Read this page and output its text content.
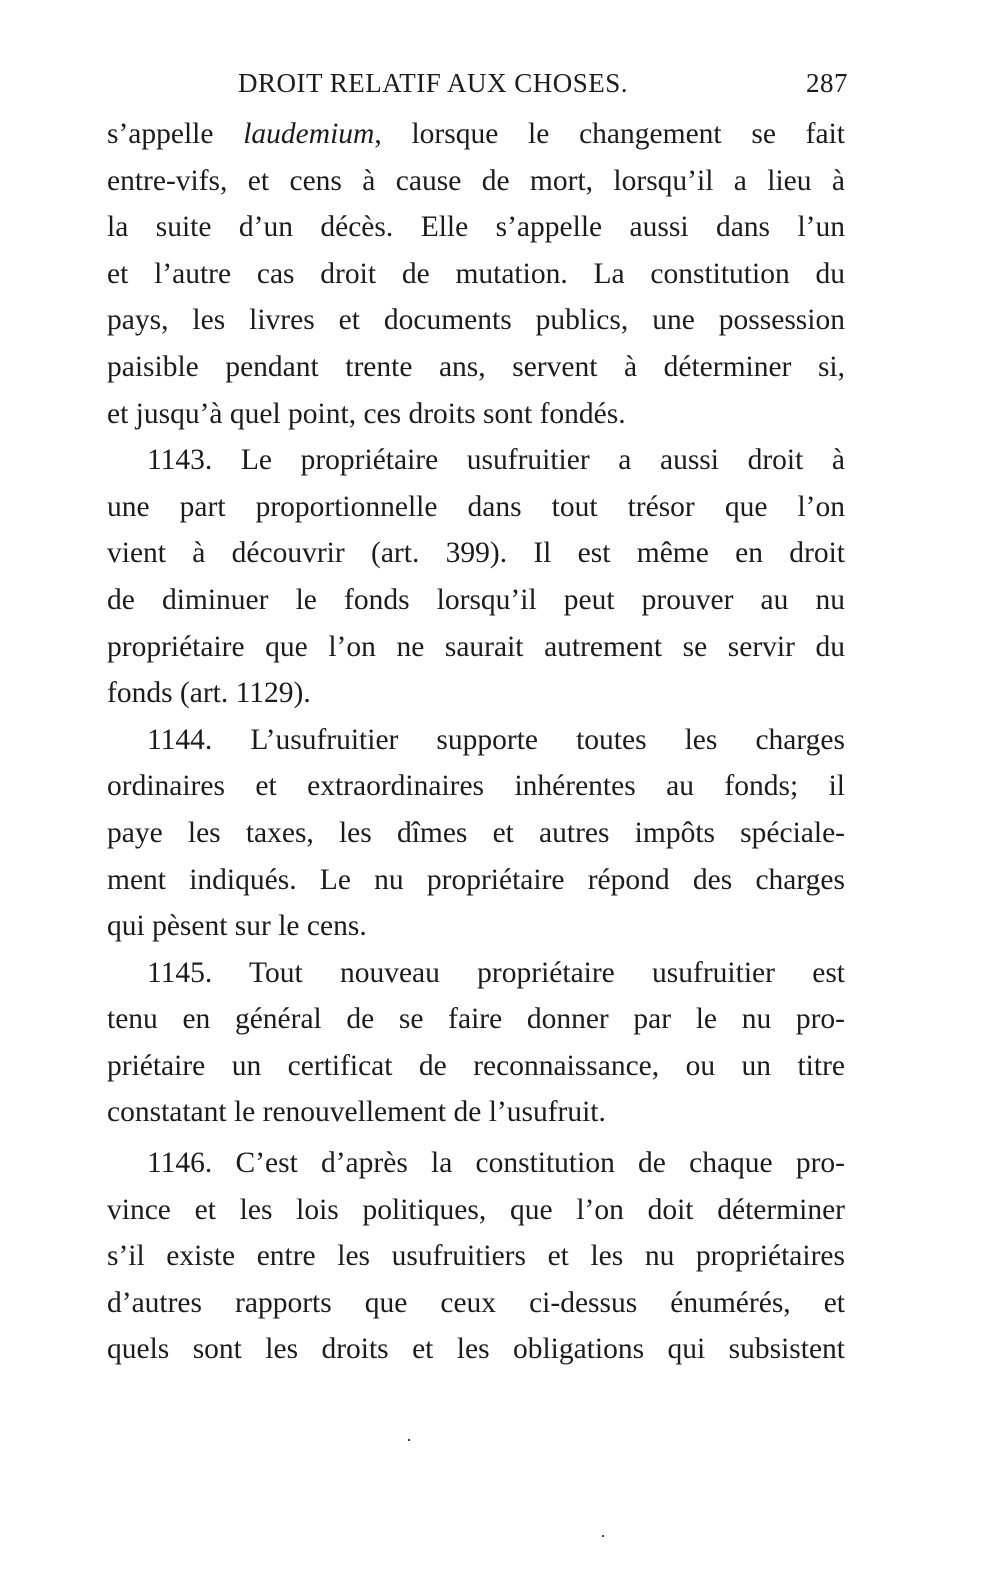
DROIT RELATIF AUX CHOSES.	287
s’appelle laudemium, lorsque le changement se fait
entre-vifs, et cens à cause de mort, lorsqu’il a lieu à
la suite d’un décès. Elle s’appelle aussi dans l’un
et l’autre cas droit de mutation. La constitution du
pays, les livres et documents publics, une possession
paisible pendant trente ans, servent à déterminer si,
et jusqu’à quel point, ces droits sont fondés.
1143. Le propriétaire usufruitier a aussi droit à
une part proportionnelle dans tout trésor que l’on
vient à découvrir (art. 399). Il est même en droit
de diminuer le fonds lorsqu’il peut prouver au nu
propriétaire que l’on ne saurait autrement se servir du
fonds (art. 1129).
1144. L’usufruitier supporte toutes les charges
ordinaires et extraordinaires inhérentes au fonds; il
paye les taxes, les dîmes et autres impôts spéciale-
ment indiqués. Le nu propriétaire répond des charges
qui pèsent sur le cens.
1145. Tout nouveau propriétaire usufruitier est
tenu en général de se faire donner par le nu pro-
priétaire un certificat de reconnaissance, ou un titre
constatant le renouvellement de l’usufruit.
1146. C’est d’après la constitution de chaque pro-
vince et les lois politiques, que l’on doit déterminer
s’il existe entre les usufruitiers et les nu propriétaires
d’autres rapports que ceux ci-dessus énumérés, et
quels sont les droits et les obligations qui subsistent
·
·
